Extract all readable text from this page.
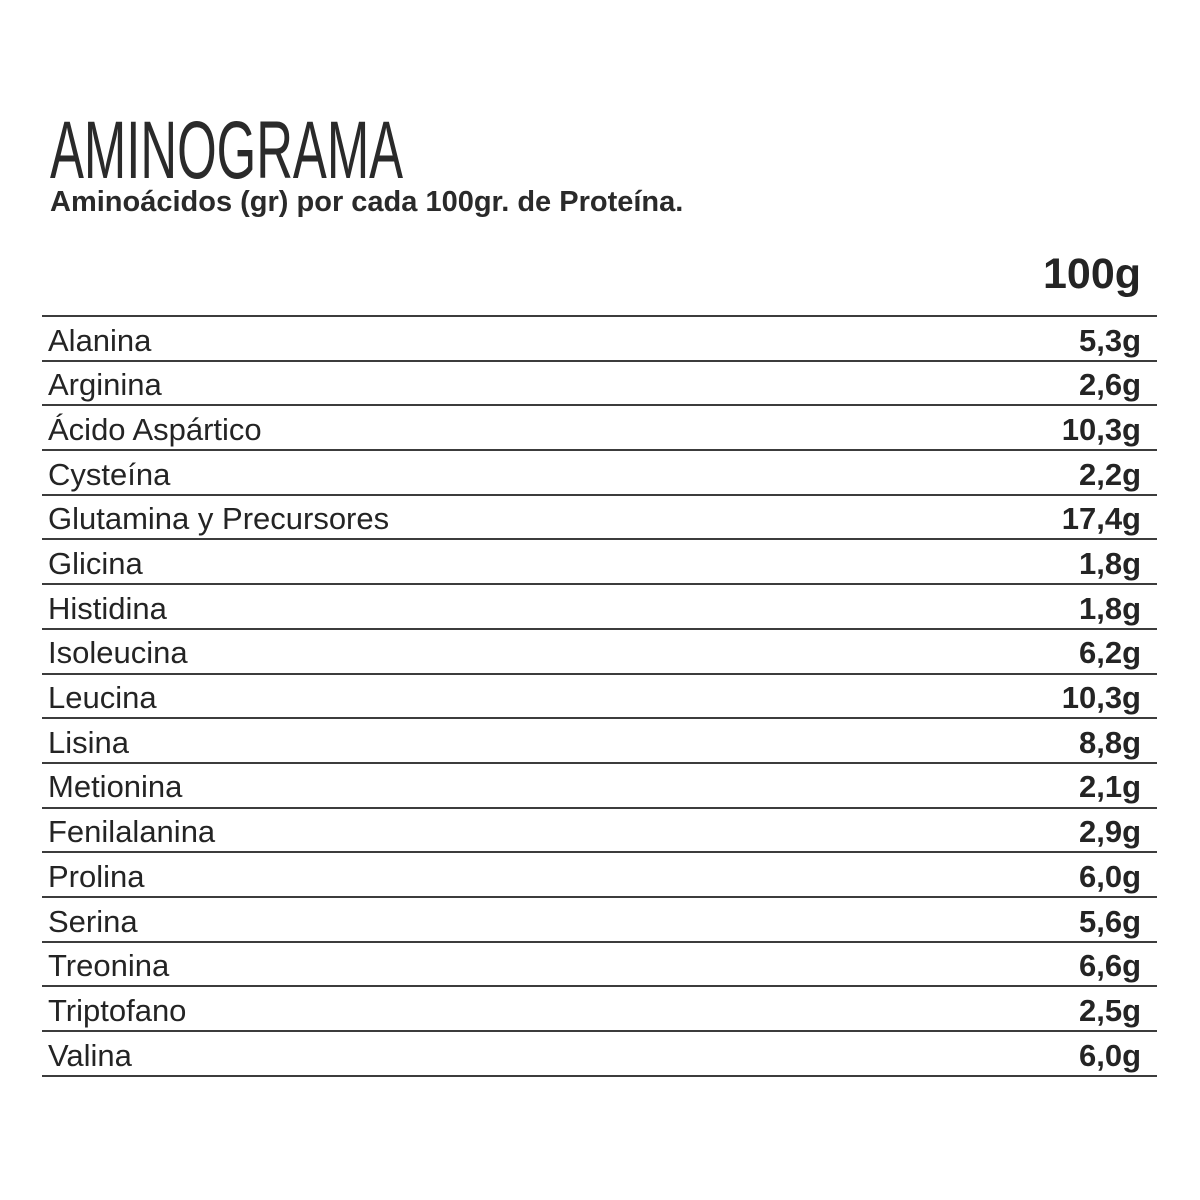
AMINOGRAMA
Aminoácidos (gr) por cada 100gr. de Proteína.
100g
Alanina	5,3g
Arginina	2,6g
Ácido Aspártico	10,3g
Cysteína	2,2g
Glutamina y Precursores	17,4g
Glicina	1,8g
Histidina	1,8g
Isoleucina	6,2g
Leucina	10,3g
Lisina	8,8g
Metionina	2,1g
Fenilalanina	2,9g
Prolina	6,0g
Serina	5,6g
Treonina	6,6g
Triptofano	2,5g
Valina	6,0g
